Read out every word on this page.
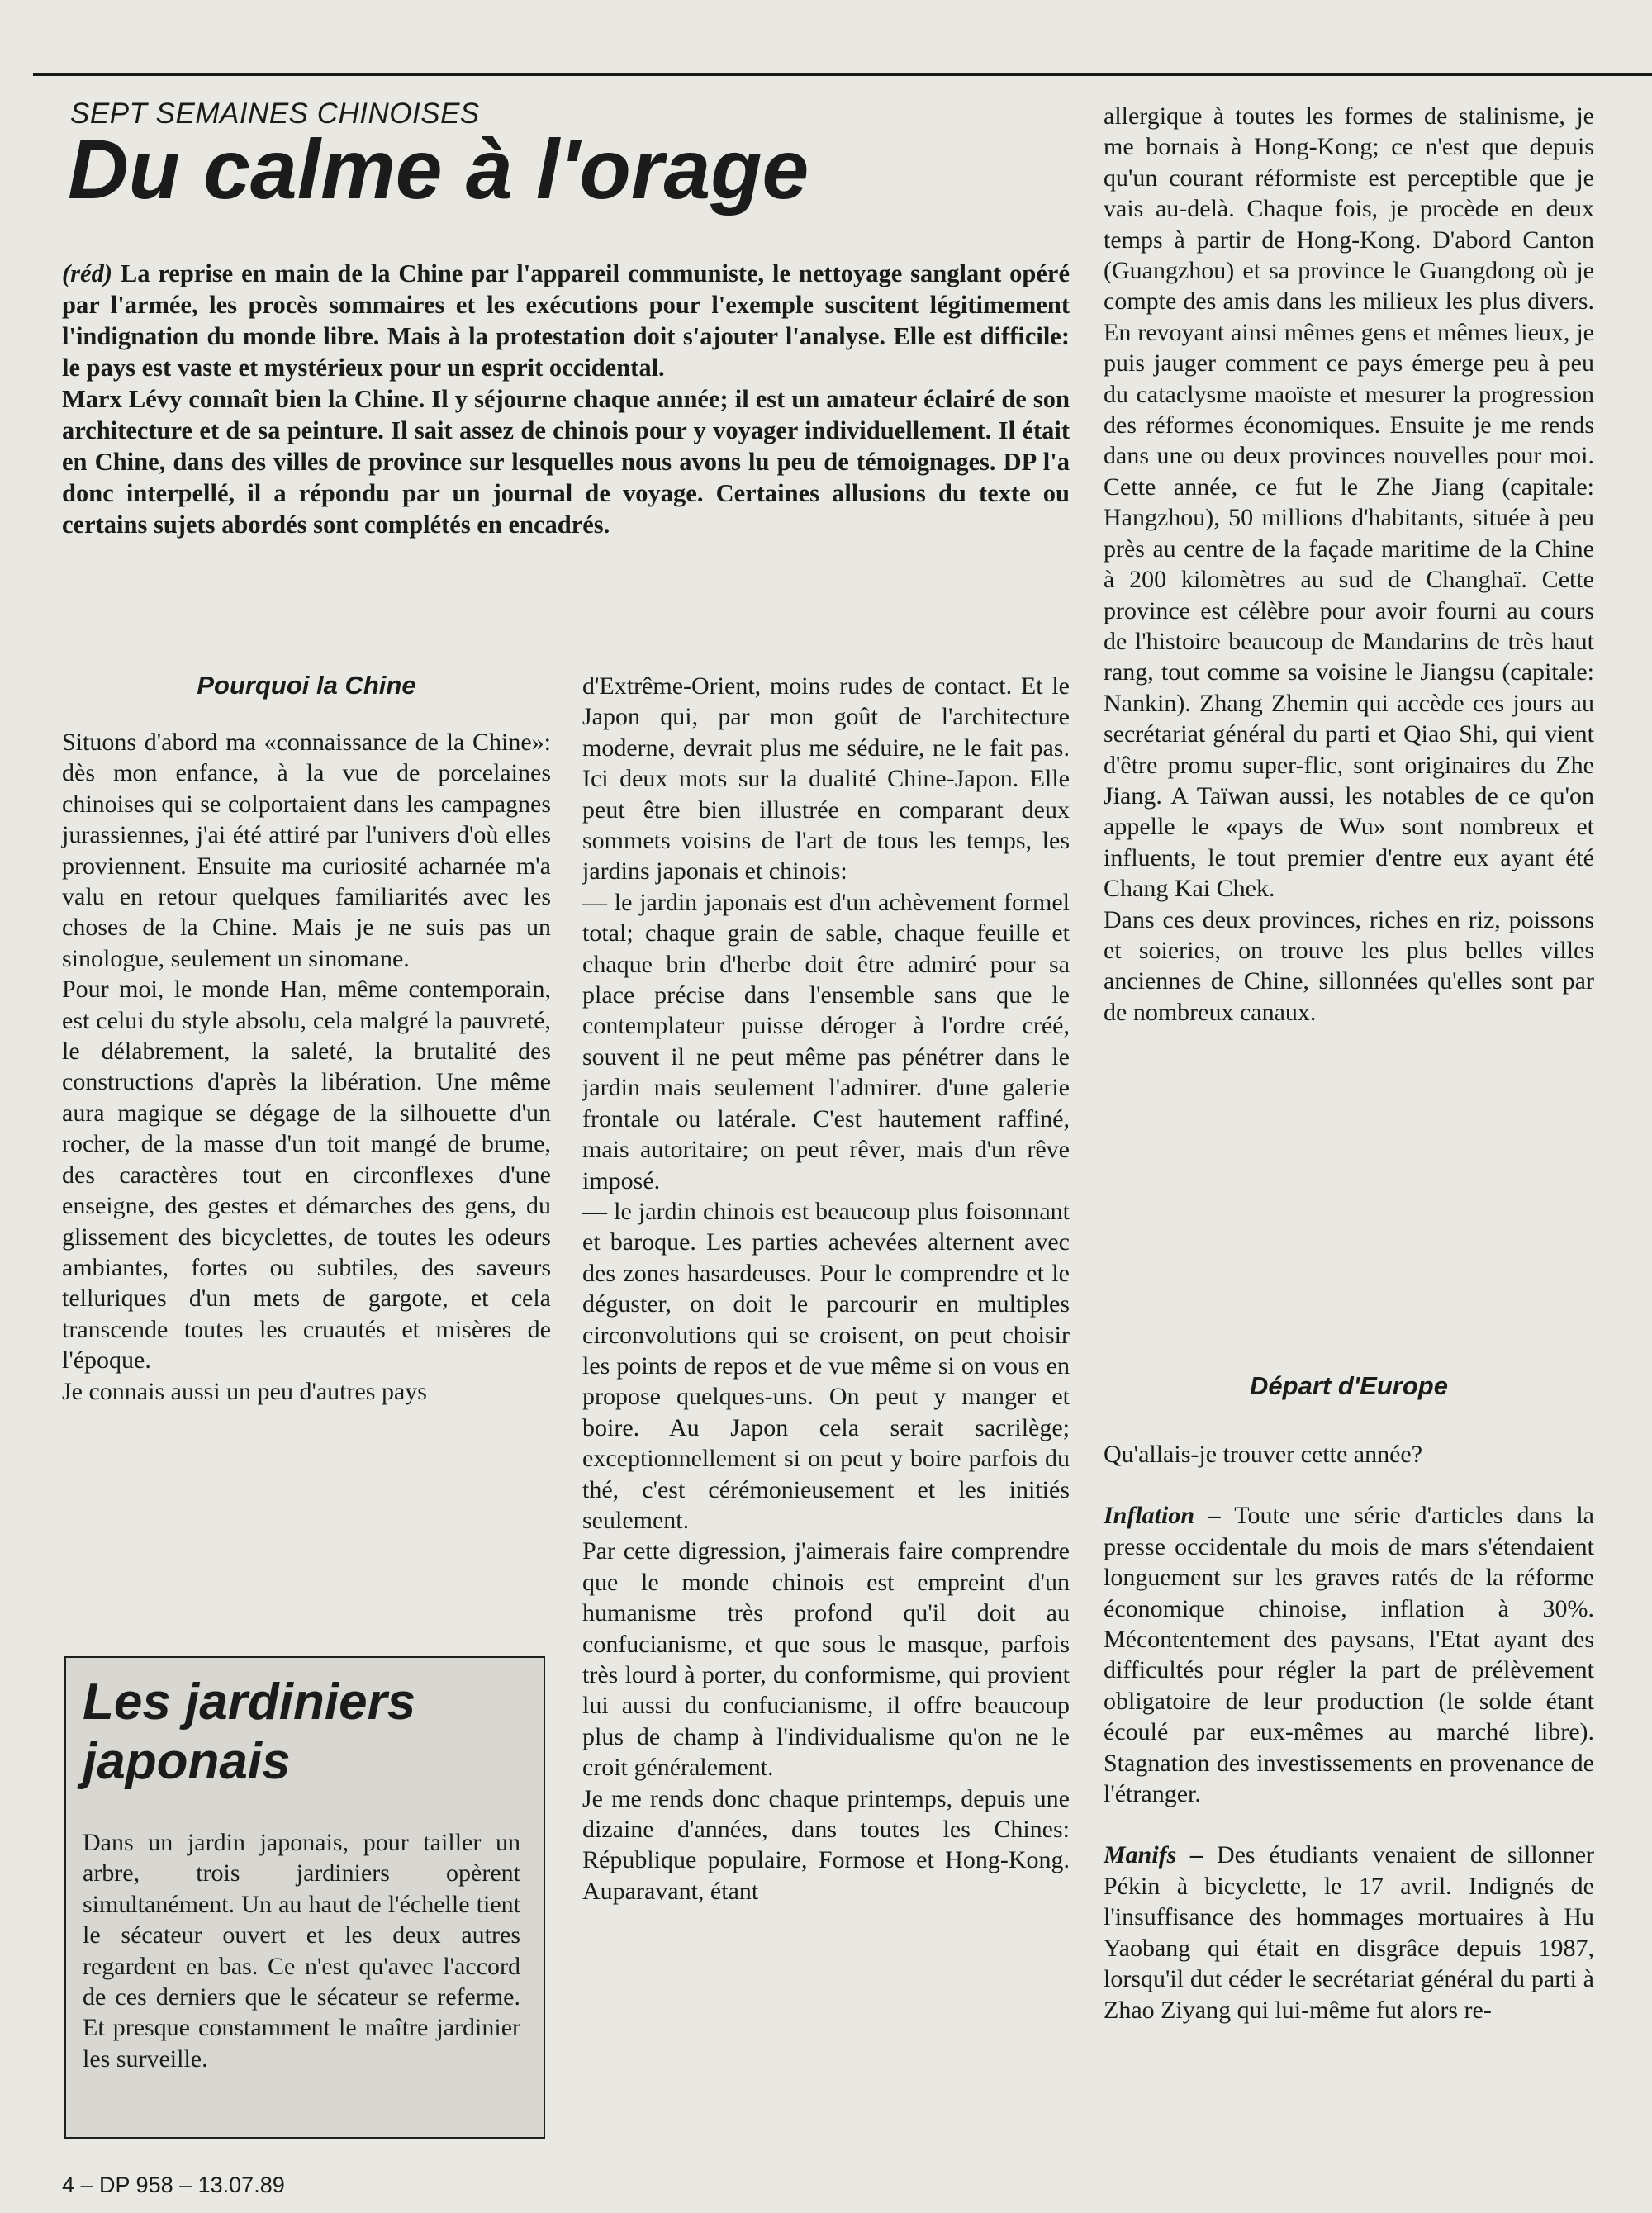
SEPT SEMAINES CHINOISES
Du calme à l'orage

(réd) La reprise en main de la Chine par l'appareil communiste, le nettoyage sanglant opéré par l'armée, les procès sommaires et les exécutions pour l'exemple suscitent légitimement l'indignation du monde libre. Mais à la protestation doit s'ajouter l'analyse. Elle est difficile: le pays est vaste et mystérieux pour un esprit occidental.

Marx Lévy connaît bien la Chine. Il y séjourne chaque année; il est un amateur éclairé de son architecture et de sa peinture. Il sait assez de chinois pour y voyager individuellement. Il était en Chine, dans des villes de province sur lesquelles nous avons lu peu de témoignages. DP l'a donc interpellé, il a répondu par un journal de voyage. Certaines allusions du texte ou certains sujets abordés sont complétés en encadrés.

Pourquoi la Chine

Situons d'abord ma «connaissance de la Chine»: dès mon enfance, à la vue de porcelaines chinoises qui se colportaient dans les campagnes jurassiennes, j'ai été attiré par l'univers d'où elles proviennent. Ensuite ma curiosité acharnée m'a valu en retour quelques familiarités avec les choses de la Chine. Mais je ne suis pas un sinologue, seulement un sinomane.

Pour moi, le monde Han, même contemporain, est celui du style absolu, cela malgré la pauvreté, le délabrement, la saleté, la brutalité des constructions d'après la libération. Une même aura magique se dégage de la silhouette d'un rocher, de la masse d'un toit mangé de brume, des caractères tout en circonflexes d'une enseigne, des gestes et démarches des gens, du glissement des bicyclettes, de toutes les odeurs ambiantes, fortes ou subtiles, des saveurs telluriques d'un mets de gargote, et cela transcende toutes les cruautés et misères de l'époque.

Je connais aussi un peu d'autres pays

Les jardiniers japonais
Dans un jardin japonais, pour tailler un arbre, trois jardiniers opèrent simultanément. Un au haut de l'échelle tient le sécateur ouvert et les deux autres regardent en bas. Ce n'est qu'avec l'accord de ces derniers que le sécateur se referme. Et presque constamment le maître jardinier les surveille.

d'Extrême-Orient, moins rudes de contact. Et le Japon qui, par mon goût de l'architecture moderne, devrait plus me séduire, ne le fait pas. Ici deux mots sur la dualité Chine-Japon. Elle peut être bien illustrée en comparant deux sommets voisins de l'art de tous les temps, les jardins japonais et chinois:

— le jardin japonais est d'un achèvement formel total; chaque grain de sable, chaque feuille et chaque brin d'herbe doit être admiré pour sa place précise dans l'ensemble sans que le contemplateur puisse déroger à l'ordre créé, souvent il ne peut même pas pénétrer dans le jardin mais seulement l'admirer. d'une galerie frontale ou latérale. C'est hautement raffiné, mais autoritaire; on peut rêver, mais d'un rêve imposé.

— le jardin chinois est beaucoup plus foisonnant et baroque. Les parties achevées alternent avec des zones hasardeuses. Pour le comprendre et le déguster, on doit le parcourir en multiples circonvolutions qui se croisent, on peut choisir les points de repos et de vue même si on vous en propose quelques-uns. On peut y manger et boire. Au Japon cela serait sacrilège; exceptionnellement si on peut y boire parfois du thé, c'est cérémonieusement et les initiés seulement.

Par cette digression, j'aimerais faire comprendre que le monde chinois est empreint d'un humanisme très profond qu'il doit au confucianisme, et que sous le masque, parfois très lourd à porter, du conformisme, qui provient lui aussi du confucianisme, il offre beaucoup plus de champ à l'individualisme qu'on ne le croit généralement.

Je me rends donc chaque printemps, depuis une dizaine d'années, dans toutes les Chines: République populaire, Formose et Hong-Kong. Auparavant, étant

allergique à toutes les formes de stalinisme, je me bornais à Hong-Kong; ce n'est que depuis qu'un courant réformiste est perceptible que je vais au-delà. Chaque fois, je procède en deux temps à partir de Hong-Kong. D'abord Canton (Guangzhou) et sa province le Guangdong où je compte des amis dans les milieux les plus divers. En revoyant ainsi mêmes gens et mêmes lieux, je puis jauger comment ce pays émerge peu à peu du cataclysme maoïste et mesurer la progression des réformes économiques. Ensuite je me rends dans une ou deux provinces nouvelles pour moi. Cette année, ce fut le Zhe Jiang (capitale: Hangzhou), 50 millions d'habitants, située à peu près au centre de la façade maritime de la Chine à 200 kilomètres au sud de Changhaï. Cette province est célèbre pour avoir fourni au cours de l'histoire beaucoup de Mandarins de très haut rang, tout comme sa voisine le Jiangsu (capitale: Nankin). Zhang Zhemin qui accède ces jours au secrétariat général du parti et Qiao Shi, qui vient d'être promu super-flic, sont originaires du Zhe Jiang. A Taïwan aussi, les notables de ce qu'on appelle le «pays de Wu» sont nombreux et influents, le tout premier d'entre eux ayant été Chang Kai Chek.

Dans ces deux provinces, riches en riz, poissons et soieries, on trouve les plus belles villes anciennes de Chine, sillonnées qu'elles sont par de nombreux canaux.

Départ d'Europe

Qu'allais-je trouver cette année?

Inflation – Toute une série d'articles dans la presse occidentale du mois de mars s'étendaient longuement sur les graves ratés de la réforme économique chinoise, inflation à 30%. Mécontentement des paysans, l'Etat ayant des difficultés pour régler la part de prélèvement obligatoire de leur production (le solde étant écoulé par eux-mêmes au marché libre). Stagnation des investissements en provenance de l'étranger.

Manifs – Des étudiants venaient de sillonner Pékin à bicyclette, le 17 avril. Indignés de l'insuffisance des hommages mortuaires à Hu Yaobang qui était en disgrâce depuis 1987, lorsqu'il dut céder le secrétariat général du parti à Zhao Ziyang qui lui-même fut alors re-

4 – DP 958 – 13.07.89
